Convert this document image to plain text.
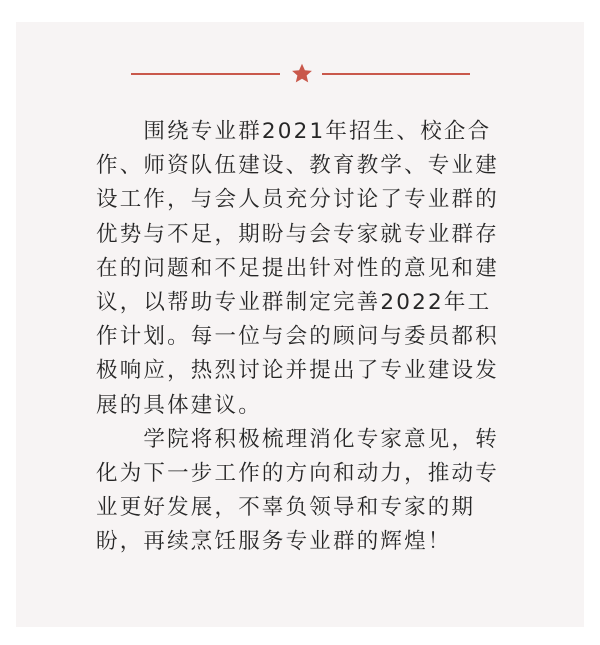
　　围绕专业群2021年招生、校企合
作、师资队伍建设、教育教学、专业建
设工作，与会人员充分讨论了专业群的
优势与不足，期盼与会专家就专业群存
在的问题和不足提出针对性的意见和建
议，以帮助专业群制定完善2022年工
作计划。每一位与会的顾问与委员都积
极响应，热烈讨论并提出了专业建设发
展的具体建议。
　　学院将积极梳理消化专家意见，转
化为下一步工作的方向和动力，推动专
业更好发展，不辜负领导和专家的期
盼，再续烹饪服务专业群的辉煌！
